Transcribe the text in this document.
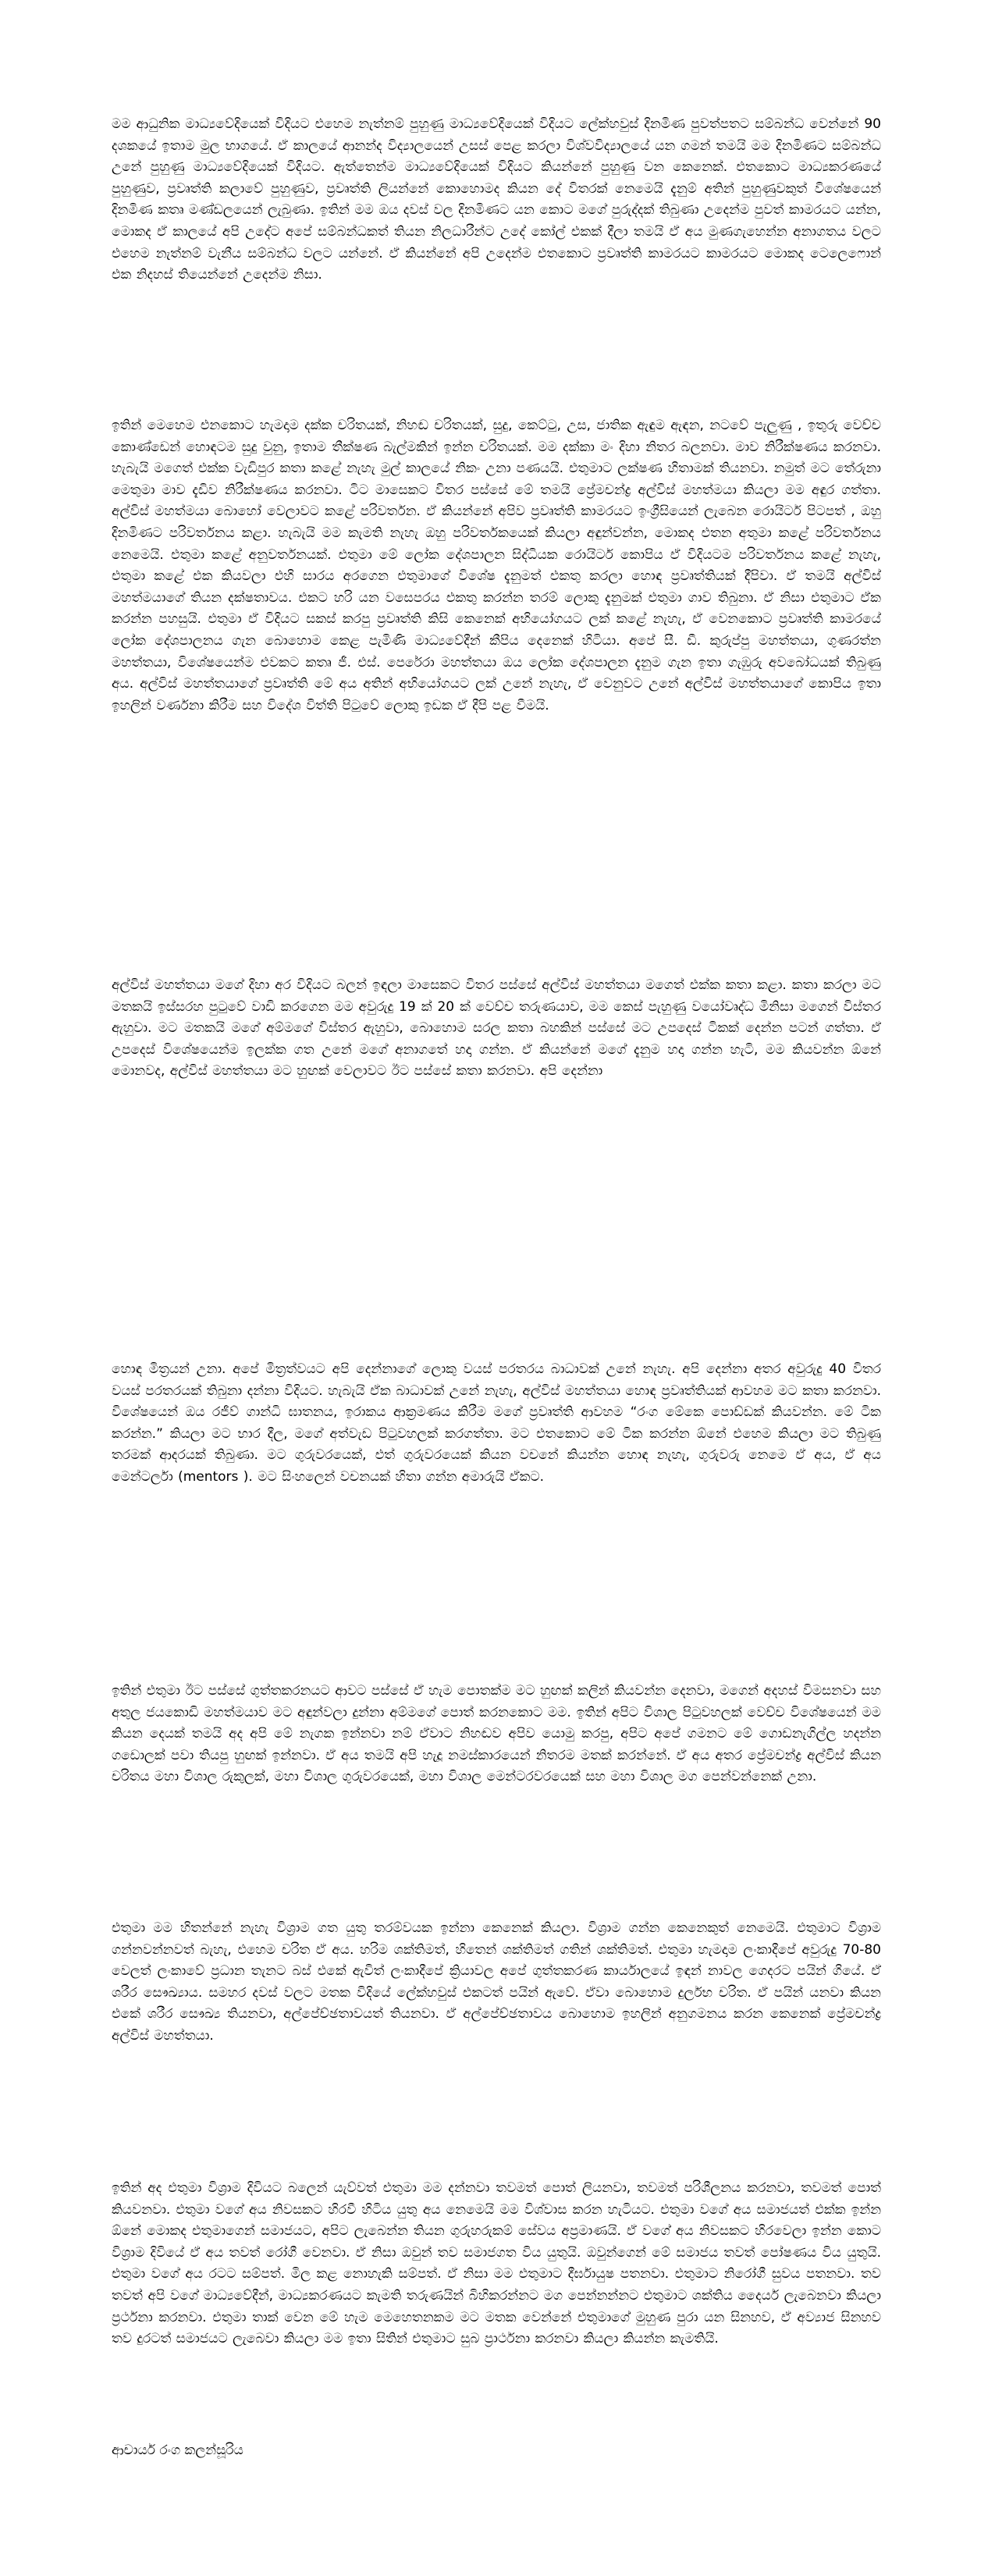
මම ආධුනික මාධ්‍යවේදියෙක් විදියට එහෙම නැත්නම් පුහුණු මාධ්‍යවේදියෙක් විදියට ලේක්හවුස් දිනමිණ පුවත්පතට සම්බන්ධ වෙන්නේ 90 දශකයේ ඉතාම මුල භාගයේ. ඒ කාලයේ ආනන්ද විද්‍යාලයෙන් උසස් පෙළ කරලා විශ්වවිද්‍යාලයේ යන ගමන් තමයි මම දිනමිණට සම්බන්ධ උනේ පුහුණු මාධ්‍යවේදියෙක් විදියට. ඇත්තෙන්ම මාධ්‍යවේදියෙක් විදියට කියන්නේ පුහුණු වන කෙනෙක්. එතකොට මාධ්‍යකරණයේ පුහුණුව, ප්‍රවෘත්ති කලාවේ පුහුණුව, ප්‍රවෘත්ති ලියන්නේ කොහොමද කියන දේ විතරක් නෙමෙයි දැනුම් අතින් පුහුණුවකුත් විශේෂයෙන් දිනමිණ කතෘ මණ්ඩලයෙන් ලැබුණා. ඉතින් මම ඔය දවස් වල දිනමිණට යන කොට මගේ පුරුද්දක් තිබුණා උදෙන්ම පුවත් කාමරයට යන්න, මොකද ඒ කාලයේ අපි උදේට අපේ සම්බන්ධකත් තියන නිලධාරීන්ට උදේ කෝල් එකක් දීලා තමයි ඒ අය මුණගැහෙන්න අනාගතය වලට එහෙම නැත්නම් වැනීය සම්බන්ධ වලට යන්නේ. ඒ කියන්නේ අපි උදෙන්ම එතකොට ප්‍රවෘත්ති කාමරයට කාමරයට මොකද ටෙලෙෆොන් එක නිදහස් තියෙන්නේ උදෙන්ම නිසා.

ඉතින් මෙහෙම එනකොට හැමදාම දක්ක චරිතයක්, නිහඬ චරිතයක්, සුදු, කෙට්ටු, උස, ජාතික ඇඳුම ඇඳන, නටවේ පැලුණු , ඉතුරු වෙච්ච කොණ්ඩෙන් හොඳටම සුදු වුනු, ඉතාම තීක්ෂණ බැල්මකින් ඉන්න චරිතයක්. මම දක්කා මං දිහා නිතර බලනවා. මාව නිරීක්ෂණය කරනවා. හැබැයි මගෙත් එක්ක වැඩිපුර කතා කළේ නැහැ මුල් කාලයේ නිකං උනා පණයයි. එතුමාට ලක්ෂණ හිතාමක් තියනවා. නමුත් මට තේරුනා මෙතුමා මාව දැඩිව නිරීක්ෂණය කරනවා. ටිට මාසෙකට විතර පස්සේ මේ තමයි ප්‍රේමචන්ද්‍ර අල්විස් මහත්මයා කියලා මම අඳුර ගත්තා. අල්විස් මහත්මයා බොහෝ වෙලාවට කළේ පරිවර්තන. ඒ කියන්නේ අපිව ප්‍රවෘත්ති කාමරයට ඉංග්‍රීසියෙන් ලැබෙන රොයිටර් පිටපත් , ඔහු දිනමිණට පරිවර්තනය කළා. හැබැයි මම කැමති නැහැ ඔහු පරිවර්තකයෙක් කියලා අඳුන්වන්න, මොකද එතන අතුමා කළේ පරිවර්තනය නෙමෙයි. එතුමා කළේ අනුවර්තනයක්. එතුමා මේ ලෝක දේශපාලන සිද්ධියක රොයිටර් කොපිය ඒ විදියටම පරිවර්තනය කළේ නැහැ, එතුමා කළේ එක කියවලා එහි සාරය අරගෙන එතුමාගේ විශේෂ දැනුමත් එකතු කරලා හොඳ ප්‍රවෘත්තියක් දීපිවා. ඒ තමයි අල්විස් මහත්මයාගේ තියන දක්ෂතාවය. එකට හරි යන වසෙපරය එකතු කරන්න තරම් ලොකු දැනුමක් එතුමා ගාව තිබුනා. ඒ නිසා එතුමාට ඒක කරන්න පහසුයි. එතුමා ඒ විදියට සකස් කරපු ප්‍රවෘත්ති කිසි කෙනෙක් අභියෝගයට ලක් කළේ නැහැ, ඒ වෙනකොට ප්‍රවෘත්ති කාමරයේ ලෝක දේශපාලනය ගැන බොහොම කෙළ පැමිණි මාධ්‍යවේදීන් කීපිය දෙනෙක් හිටියා. අපේ සී. ඩී. කුරුප්පු මහත්තයා, ගුණරත්න මහත්තයා, විශේෂයෙන්ම එවකට කතෘ ජී. එස්. පෙරේරා මහත්තයා ඔය ලෝක දේශපාලන දැනුම ගැන ඉතා ගැඹුරු අවබෝධයක් තිබුණු අය. අල්විස් මහත්තයාගේ ප්‍රවෘත්ති මේ අය අතින් අභියෝගයට ලක් උනේ නැහැ, ඒ වෙනුවට උනේ අල්විස් මහත්තයාගේ කොපිය ඉතා ඉහලින් වර්ණනා කිරීම සහ විදේශ විත්ති පිටුවේ ලොකු ඉඩක ඒ දීපි පළ වීමයි.

අල්විස් මහත්තයා මගේ දිහා අර විදියට බලන් ඉඳලා මාසෙකට විතර පස්සේ අල්විස් මහත්තයා මගෙත් එක්ක කතා කළා. කතා කරලා මට මතකයි ඉස්සරහ පුටුවේ වාඩි කරගෙන මම අවුරුදු 19 ක් 20 ක් වෙච්ච තරුණයාව, මම කෙස් පැහුණු වයෝවෘද්ධ මිනිසා මගෙන් විස්තර ඇහුවා. මට මතකයි මගේ අම්මගේ විස්තර ඇහුවා, බොහොම සරල කතා බහකින් පස්සේ මට උපදෙස් ටිකක් දෙන්න පටන් ගත්තා. ඒ උපදෙස් විශේෂයෙන්ම ඉලක්ක ගත උනේ මගේ අනාගතේ හදා ගන්න. ඒ කියන්නේ මගේ දැනුම හදා ගන්න හැටි, මම කියවන්න ඕනේ මොනවද, අල්විස් මහත්තයා මට හුඟක් වෙලාවට ඊට පස්සේ කතා කරනවා. අපි දෙන්නා

හොඳ මිත්‍රයන් උනා. අපේ මිත්‍රත්වයට අපි දෙන්නාගේ ලොකු වයස් පරතරය බාධාවක් උනේ නැහැ. අපි දෙන්නා අතර අවුරුදු 40 විතර වයස් පරතරයක් තිබුනා දන්නා විදියට. හැබැයි ඒක බාධාවක් උනේ නැහැ, අල්විස් මහත්තයා හොඳ ප්‍රවෘත්තියක් ආවහම මට කතා කරනවා. විශේෂයෙන් ඔය රජීව් ගාන්ධි ඝාතනය, ඉරාකය ආක්‍රමණය කිරීම මගේ ප්‍රවෘත්ති ආවහම “රංග මේකෙ පොඩ්ඩක් කියවන්න. මේ ටික කරන්න.” කියලා මට භාර දීල, මගේ අත්වැඩ පිටුවහලක් කරගත්තා. මට එතකොට මේ ටික කරන්න ඕනේ එහෙම කියලා මට තිබුණු තරමක් ආදරයක් තිබුණා. මට ගුරුවරයෙක්, එත් ගුරුවරයෙක් කියන වචනේ කියන්න හොඳ නැහැ, ගුරුවරු නෙමෙ ඒ අය, ඒ අය මෙන්ටර්ලා (mentors ). මට සිංහලෙන් වචනයක් හිතා ගන්න අමාරුයි ඒකට.

ඉතින් එතුමා ඊට පස්සේ ගුත්තකරනයට ආවට පස්සේ ඒ හැම පොතක්ම මට හුඟක් කලින් කියවන්න දෙනවා, මගෙන් අදහස් විමසනවා සහ අතුල ජයකොඩි මහත්මයාව මට අඳුන්වලා දුන්නා අම්මගේ පොත් කරනකොට මම. ඉතින් අපිට විශාල පිටුවහලක් වෙච්ච විශේෂයෙන් මම කියන දෙයක් තමයි අද අපි මේ නැගක ඉන්නවා නම් ඒවාට නිහඬව අපිව යොමු කරපු, අපිට අපේ ගමනට මේ ගොඩනැගිල්ල හදන්න ගඩොලක් පවා තියපු හුඟක් ඉන්නවා. ඒ අය තමයි අපි හැදූ නමස්කාරයෙන් නිතරම මතක් කරන්නේ. ඒ අය අතර ප්‍රේමචන්ද්‍ර අල්විස් කියන චරිතය මහා විශාල රුකුලක්, මහා විශාල ගුරුවරයෙක්, මහා විශාල මෙන්ටරවරයෙක් සහ මහා විශාල මග පෙන්වන්නෙක් උනා.

එතුමා මම හිතන්නේ නැහැ විශ්‍රාම ගත යුතු තරම්වයක ඉන්නා කෙනෙක් කියලා. විශ්‍රාම ගන්න කෙනෙකුත් නෙමෙයි. එතුමාට විශ්‍රාම ගන්නවන්නවත් බැහැ, එහෙම චරිත ඒ අය. හරිම ශක්තිමත්, හිතෙන් ශක්තිමත් ගතින් ශක්තිමත්. එතුමා හැමදාම ලංකාදීපේ අවුරුදු 70-80 වෙලත් ලංකාවේ ප්‍රධාන තැනට බස් එකේ ඇවිත් ලංකාදීපේ ක්‍රියාවල අපේ ගුත්තකරණ කාර්යාලයේ ඉඳන් නාවල ගෙදරට පයින් ගියේ. ඒ ශරීර සෞඛ්‍යාය. සමහර දවස් වලට මතක විදියේ ලේක්හවුස් එකටත් පයින් ඇවේ. ඒවා බොහොම දුර්ලභ චරිත. ඒ පයින් යනවා කියන එකේ ශරීර සෞඛ්‍ය තියනවා, අල්පේච්ඡතාවයත් තියනවා. ඒ අල්පේච්ඡතාවය බොහොම ඉහලින් අනුගමනය කරන කෙනෙක් ප්‍රේමචන්ද්‍ර අල්විස් මහත්තයා.

ඉතින් අද එතුමා විශ්‍රාම දිවියට බලෙන් යැව්වත් එතුමා මම දන්නවා තවමත් පොත් ලියනවා, තවමත් පරිශීලනය කරනවා, තවමත් පොත් කියවනවා. එතුමා වගේ අය නිවසකට හිරවී හිටිය යුතු අය නෙමෙයි මම විශ්වාස කරන හැටියට. එතුමා වගේ අය සමාජයත් එක්ක ඉන්න ඕනේ මොකද එතුමාගෙන් සමාජයට, අපිට ලැබෙන්න තියන ගුරුහරුකම් සේවය අප්‍රමාණයි. ඒ වගේ අය නිවසකට හිරවෙලා ඉන්න කොට විශ්‍රාම දිවියේ ඒ අය තවත් රෝගී වෙනවා. ඒ නිසා ඔවුන් තව සමාජගත විය යුතුයි. ඔවුන්ගෙන් මේ සමාජය තවත් පෝෂණය විය යුතුයි. එතුමා වගේ අය රටට සම්පත්. මිල කළ නොහැකි සම්පත්. ඒ නිසා මම එතුමාට දීර්ඝායුෂ පතනවා. එතුමාට නිරෝගී සුවය පතනවා. තව තවත් අපි වගේ මාධ්‍යවේදීන්, මාධ්‍යකරණයට කැමති තරුණයින් බිහිකරන්නට මග පෙන්නන්නට එතුමාට ශක්තිය දෛර්ය ලැබෙනවා කියලා ප්‍රර්ථනා කරනවා. එතුමා තාක් වෙන මේ හැම මෙහෙතනකම මට මතක වෙන්නේ එතුමාගේ මුහුණ පුරා යන සිනහව, ඒ අව්‍යාජ සිනහව තව දුරටත් සමාජයට ලැබෙවා කියලා මම ඉතා සිතින් එතුමාට සුබ ප්‍රාර්ථනා කරනවා කියලා කියන්න කැමතියි.

ආචාර්ය රංග කලන්සූරිය
